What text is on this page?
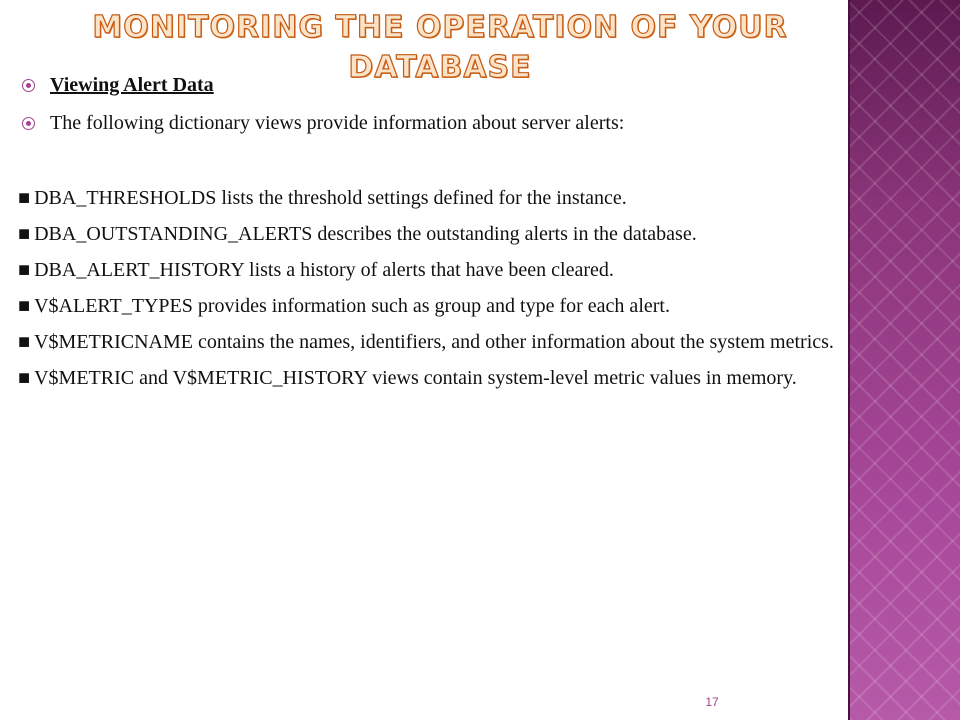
MONITORING THE OPERATION OF YOUR DATABASE
Viewing Alert Data
The following dictionary views provide information about server alerts:

■ DBA_THRESHOLDS lists the threshold settings defined for the instance.

■ DBA_OUTSTANDING_ALERTS describes the outstanding alerts in the database.

■ DBA_ALERT_HISTORY lists a history of alerts that have been cleared.

■ V$ALERT_TYPES provides information such as group and type for each alert.

■ V$METRICNAME contains the names, identifiers, and other information about the system metrics.

■ V$METRIC and V$METRIC_HISTORY views contain system-level metric values in memory.

17
